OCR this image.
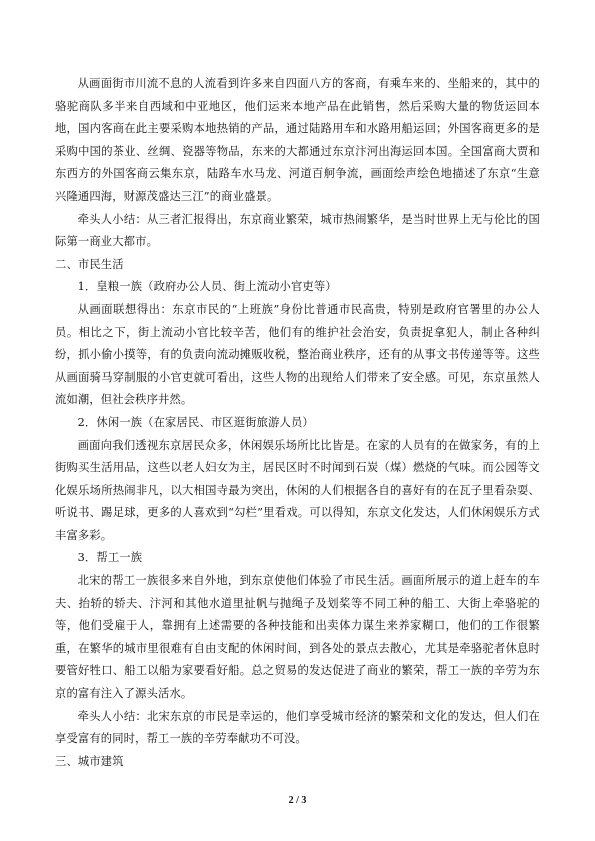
从画面街市川流不息的人流看到许多来自四面八方的客商，有乘车来的、坐船来的，其中的骆驼商队多半来自西域和中亚地区，他们运来本地产品在此销售，然后采购大量的物货运回本地，国内客商在此主要采购本地热销的产品，通过陆路用车和水路用船运回；外国客商更多的是采购中国的茶业、丝绸、瓷器等物品，东来的大都通过东京汴河出海运回本国。全国富商大贾和东西方的外国客商云集东京，陆路车水马龙、河道百舸争流，画面绘声绘色地描述了东京“生意兴隆通四海，财源茂盛达三江”的商业盛景。

牵头人小结：从三者汇报得出，东京商业繁荣，城市热闹繁华，是当时世界上无与伦比的国际第一商业大都市。

二、市民生活

1．皇粮一族（政府办公人员、街上流动小官吏等）

从画面联想得出：东京市民的“上班族”身份比普通市民高贵，特别是政府官署里的办公人员。相比之下，街上流动小官比较辛苦，他们有的维护社会治安，负责捉拿犯人，制止各种纠纷，抓小偷小摸等，有的负责向流动摊贩收税，整治商业秩序，还有的从事文书传递等等。这些从画面骑马穿制服的小官吏就可看出，这些人物的出现给人们带来了安全感。可见，东京虽然人流如潮，但社会秩序井然。

2．休闲一族（在家居民、市区逛街旅游人员）

画面向我们透视东京居民众多，休闲娱乐场所比比皆是。在家的人员有的在做家务，有的上街购买生活用品，这些以老人妇女为主，居民区时不时闻到石炭（煤）燃烧的气味。而公园等文化娱乐场所热闹非凡，以大相国寺最为突出，休闲的人们根据各自的喜好有的在瓦子里看杂耍、听说书、踢足球，更多的人喜欢到“勾栏”里看戏。可以得知，东京文化发达，人们休闲娱乐方式丰富多彩。

3．帮工一族

北宋的帮工一族很多来自外地，到东京使他们体验了市民生活。画面所展示的道上赶车的车夫、抬轿的轿夫、汴河和其他水道里扯帆与抛绳子及划桨等不同工种的船工、大街上牵骆驼的等，他们受雇于人，靠拥有上述需要的各种技能和出卖体力谋生来养家糊口，他们的工作很繁重，在繁华的城市里很难有自由支配的休闲时间，到各处的景点去散心，尤其是牵骆驼者休息时要管好牲口、船工以船为家要看好船。总之贸易的发达促进了商业的繁荣，帮工一族的辛劳为东京的富有注入了源头活水。

牵头人小结：北宋东京的市民是幸运的，他们享受城市经济的繁荣和文化的发达，但人们在享受富有的同时，帮工一族的辛劳奉献功不可没。

三、城市建筑

2 / 3
